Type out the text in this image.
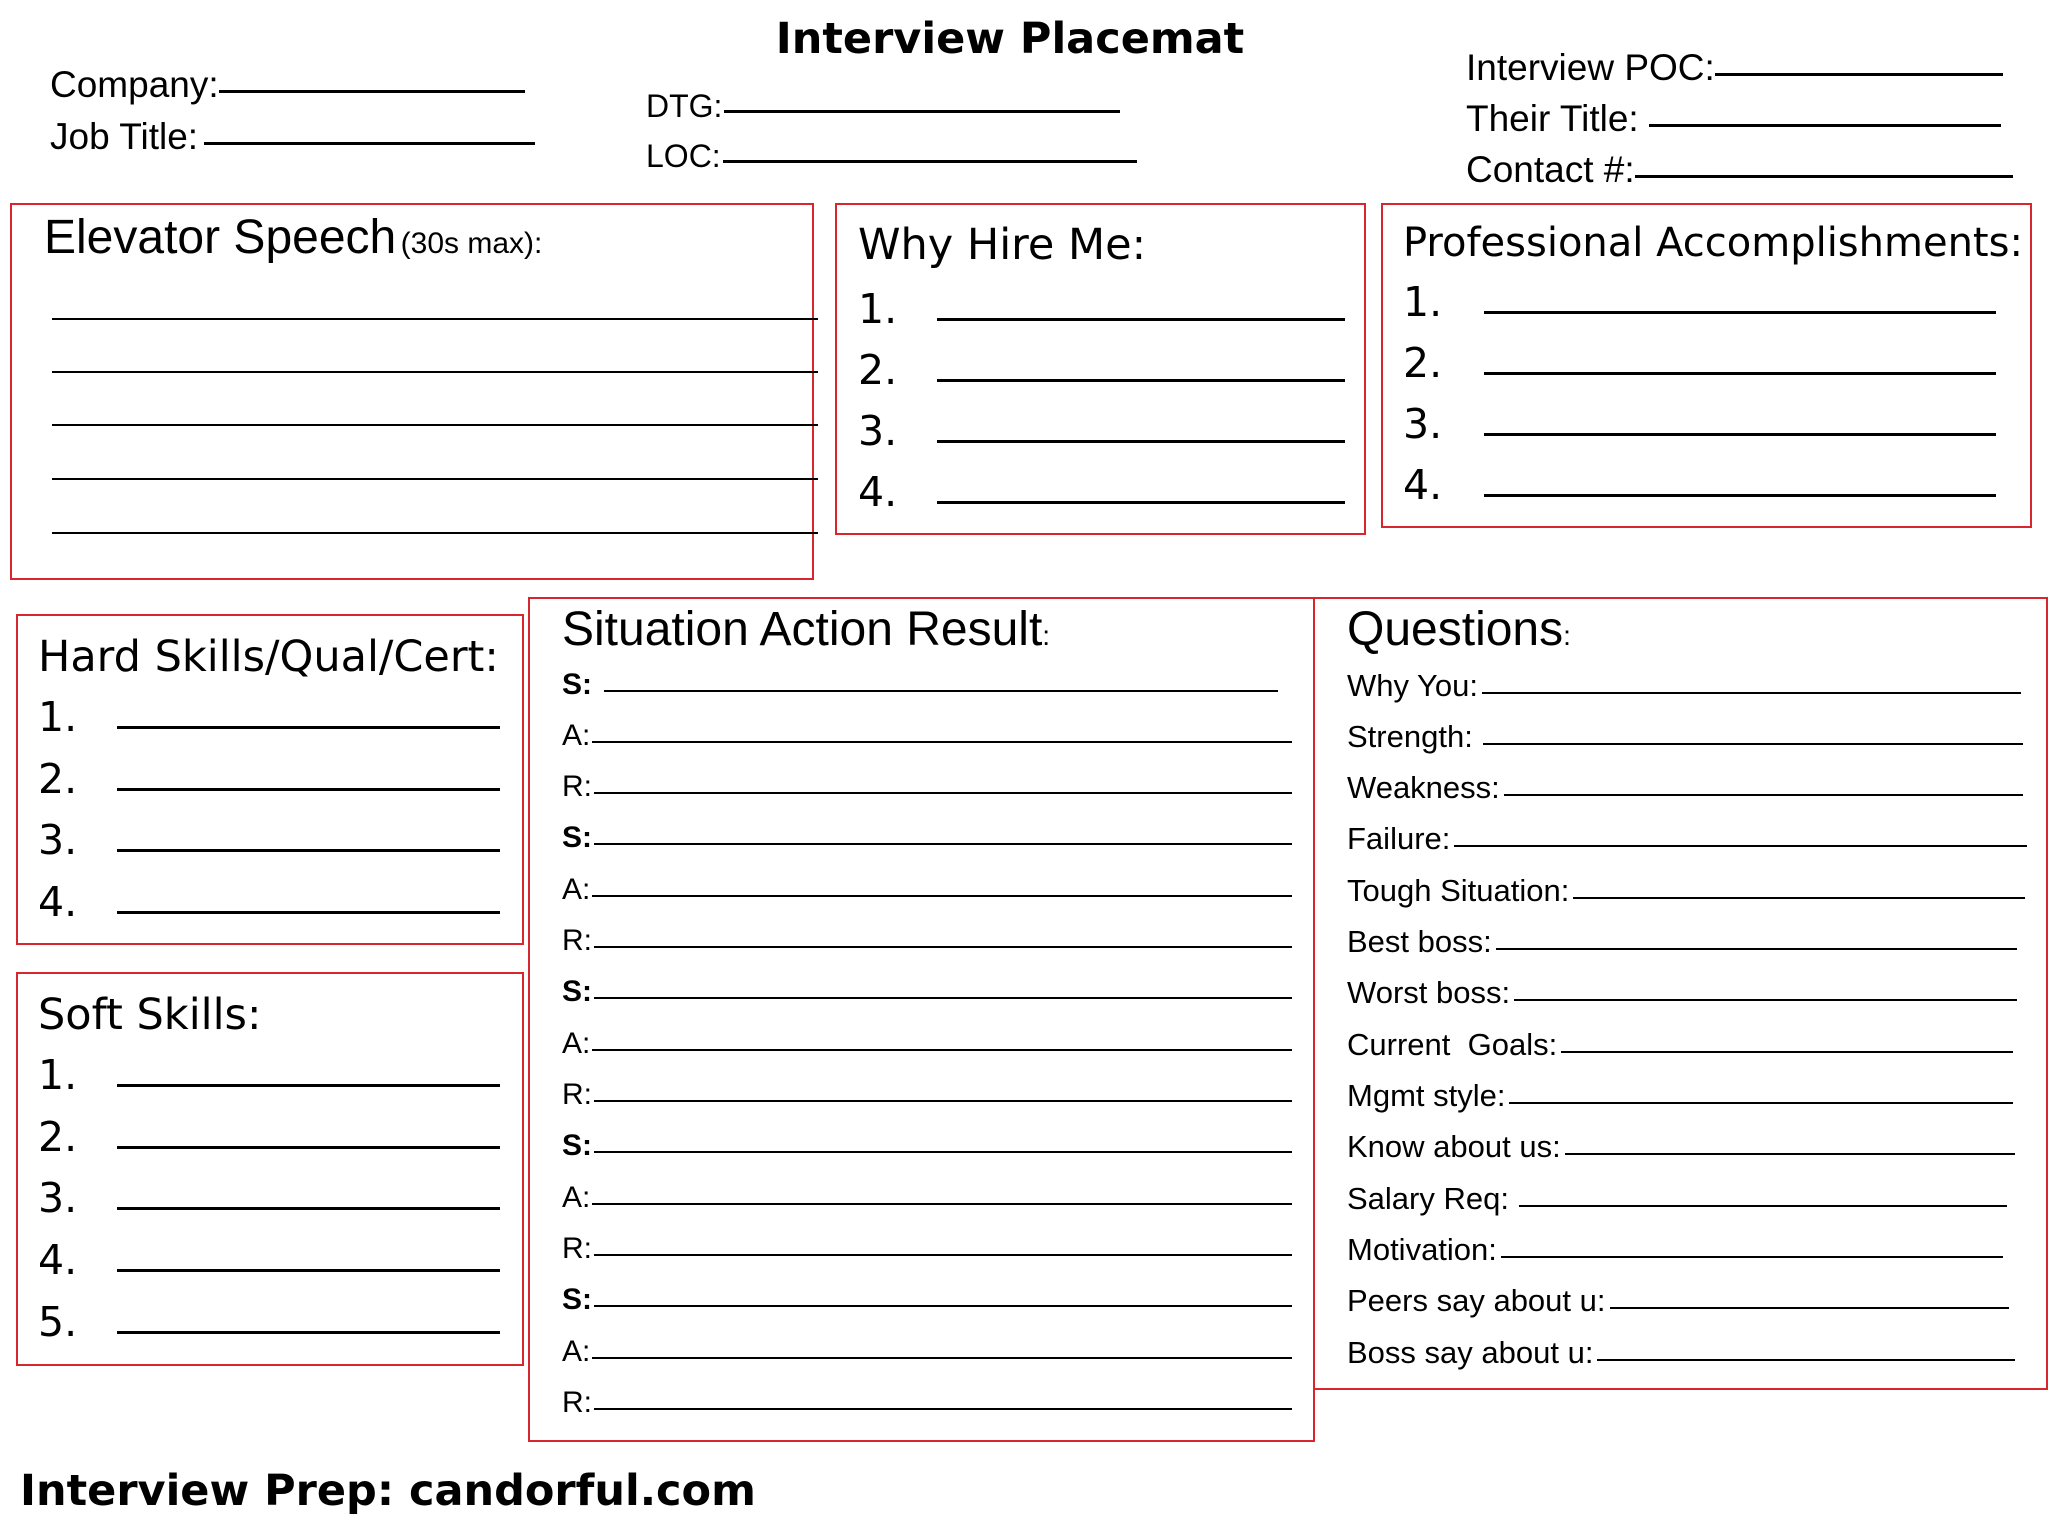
Interview Placemat
Company:
Job Title:
DTG:
LOC:
Interview POC:
Their Title:
Contact #:
Elevator Speech (30s max):	Why Hire Me:
1.
2.
3.
4.
Professional Accomplishments:
1.
2.
3.
4.
Hard Skills/Qual/Cert:
1.
2.
3.
4.
Soft Skills:
1.
2.
3.
4.
5.
Situation Action Result:
S:
A:
R:
S:
A:
R:
S:
A:
R:
S:
A:
R:
S:
A:
R:
Questions:
Why You:
Strength:
Weakness:
Failure:
Tough Situation:
Best boss:
Worst boss:
Current  Goals:
Mgmt style:
Know about us:
Salary Req:
Motivation:
Peers say about u:
Boss say about u:
Interview Prep: candorful.com
